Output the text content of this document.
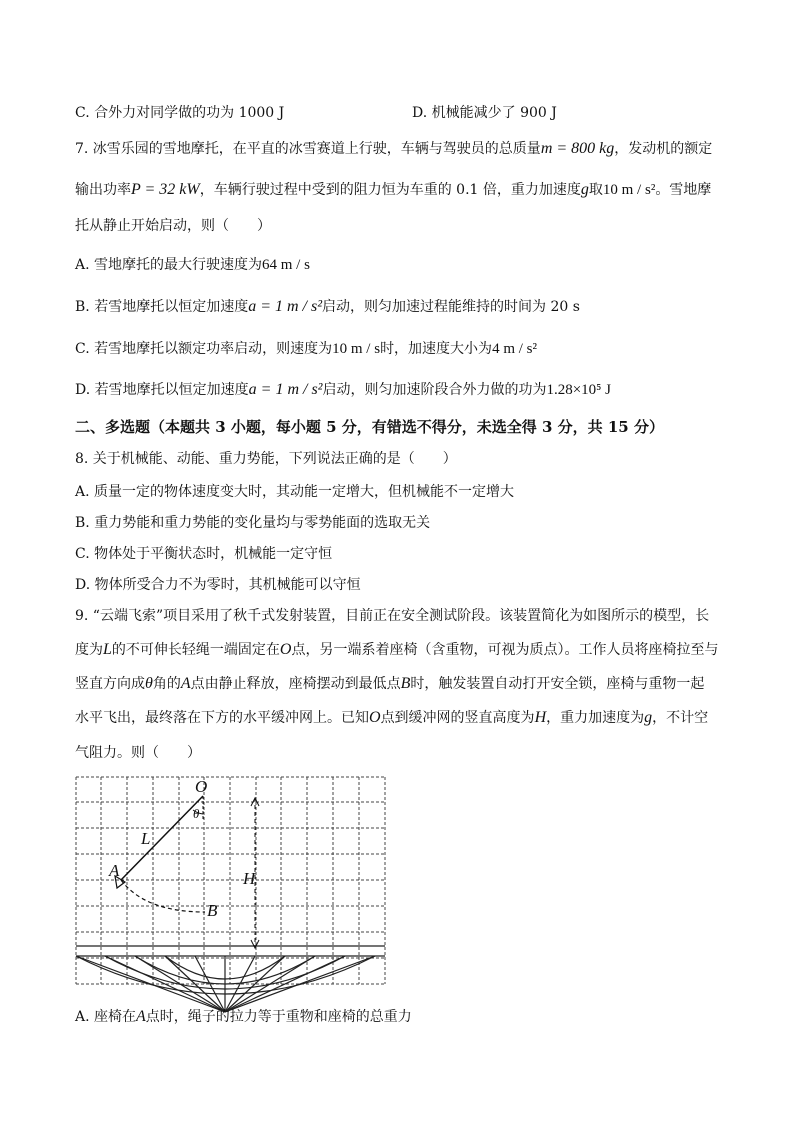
C. 合外力对同学做的功为 1000 J	D. 机械能减少了 900 J
7. 冰雪乐园的雪地摩托，在平直的冰雪赛道上行驶，车辆与驾驶员的总质量m = 800 kg，发动机的额定
输出功率P = 32 kW，车辆行驶过程中受到的阻力恒为车重的 0.1 倍，重力加速度g取10 m / s²。雪地摩
托从静止开始启动，则（　　）
A. 雪地摩托的最大行驶速度为64 m / s
B. 若雪地摩托以恒定加速度a = 1 m / s²启动，则匀加速过程能维持的时间为 20 s
C. 若雪地摩托以额定功率启动，则速度为10 m / s时，加速度大小为4 m / s²
D. 若雪地摩托以恒定加速度a = 1 m / s²启动，则匀加速阶段合外力做的功为1.28×10⁵ J
二、多选题（本题共 3 小题，每小题 5 分，有错选不得分，未选全得 3 分，共 15 分）
8. 关于机械能、动能、重力势能，下列说法正确的是（　　）
A. 质量一定的物体速度变大时，其动能一定增大，但机械能不一定增大
B. 重力势能和重力势能的变化量均与零势能面的选取无关
C. 物体处于平衡状态时，机械能一定守恒
D. 物体所受合力不为零时，其机械能可以守恒
9. “云端飞索”项目采用了秋千式发射装置，目前正在安全测试阶段。该装置简化为如图所示的模型，长
度为L的不可伸长轻绳一端固定在O点，另一端系着座椅（含重物，可视为质点）。工作人员将座椅拉至与
竖直方向成θ角的A点由静止释放，座椅摆动到最低点B时，触发装置自动打开安全锁，座椅与重物一起
水平飞出，最终落在下方的水平缓冲网上。已知O点到缓冲网的竖直高度为H，重力加速度为g，不计空
气阻力。则（　　）
O
θ
L
A
B
H
A. 座椅在A点时，绳子的拉力等于重物和座椅的总重力
